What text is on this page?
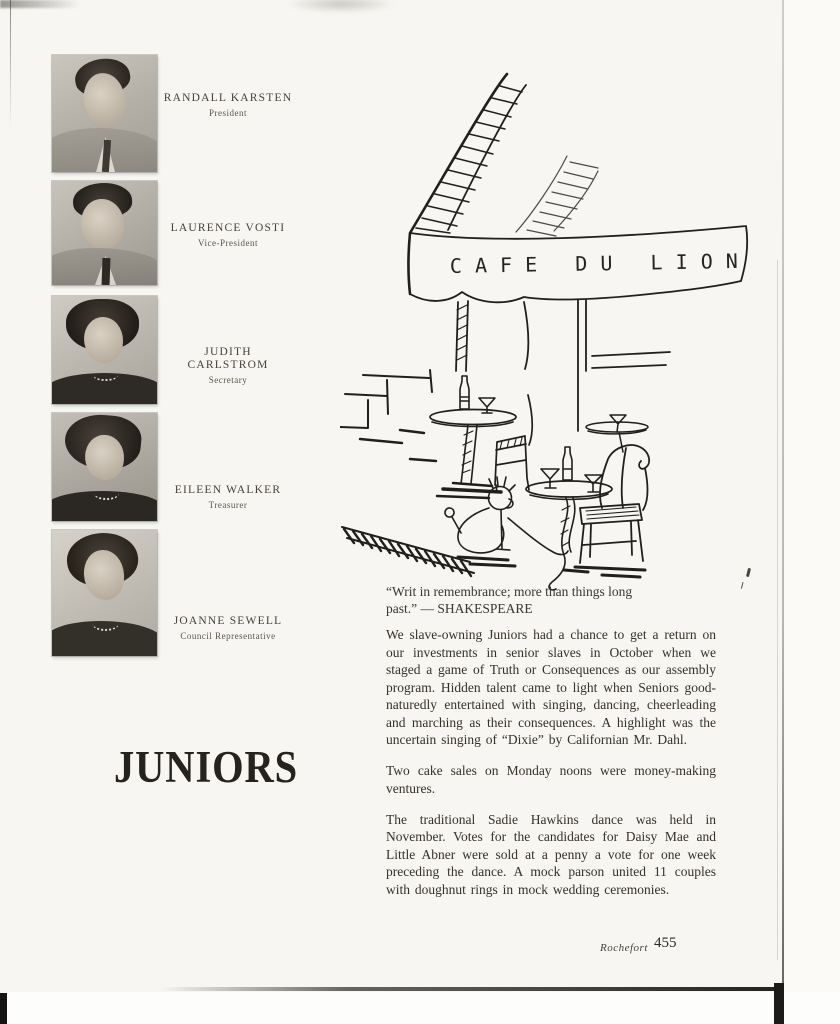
RANDALL KARSTEN
President
LAURENCE VOSTI
Vice-President
JUDITH
CARLSTROM
Secretary
EILEEN WALKER
Treasurer
JOANNE SEWELL
Council Representative
JUNIORS
CAFE DU LION
“Writ in remembrance; more than things long
past.” — SHAKESPEARE

We slave-owning Juniors had a chance to get a return on our investments in senior slaves in October when we staged a game of Truth or Consequences as our assembly program. Hidden talent came to light when Seniors good-naturedly entertained with singing, dancing, cheerleading and marching as their consequences. A highlight was the uncertain singing of “Dixie” by Californian Mr. Dahl.

Two cake sales on Monday noons were money-making ventures.

The traditional Sadie Hawkins dance was held in November. Votes for the candidates for Daisy Mae and Little Abner were sold at a penny a vote for one week preceding the dance. A mock parson united 11 couples with doughnut rings in mock wedding ceremonies.

Rochefort 455
